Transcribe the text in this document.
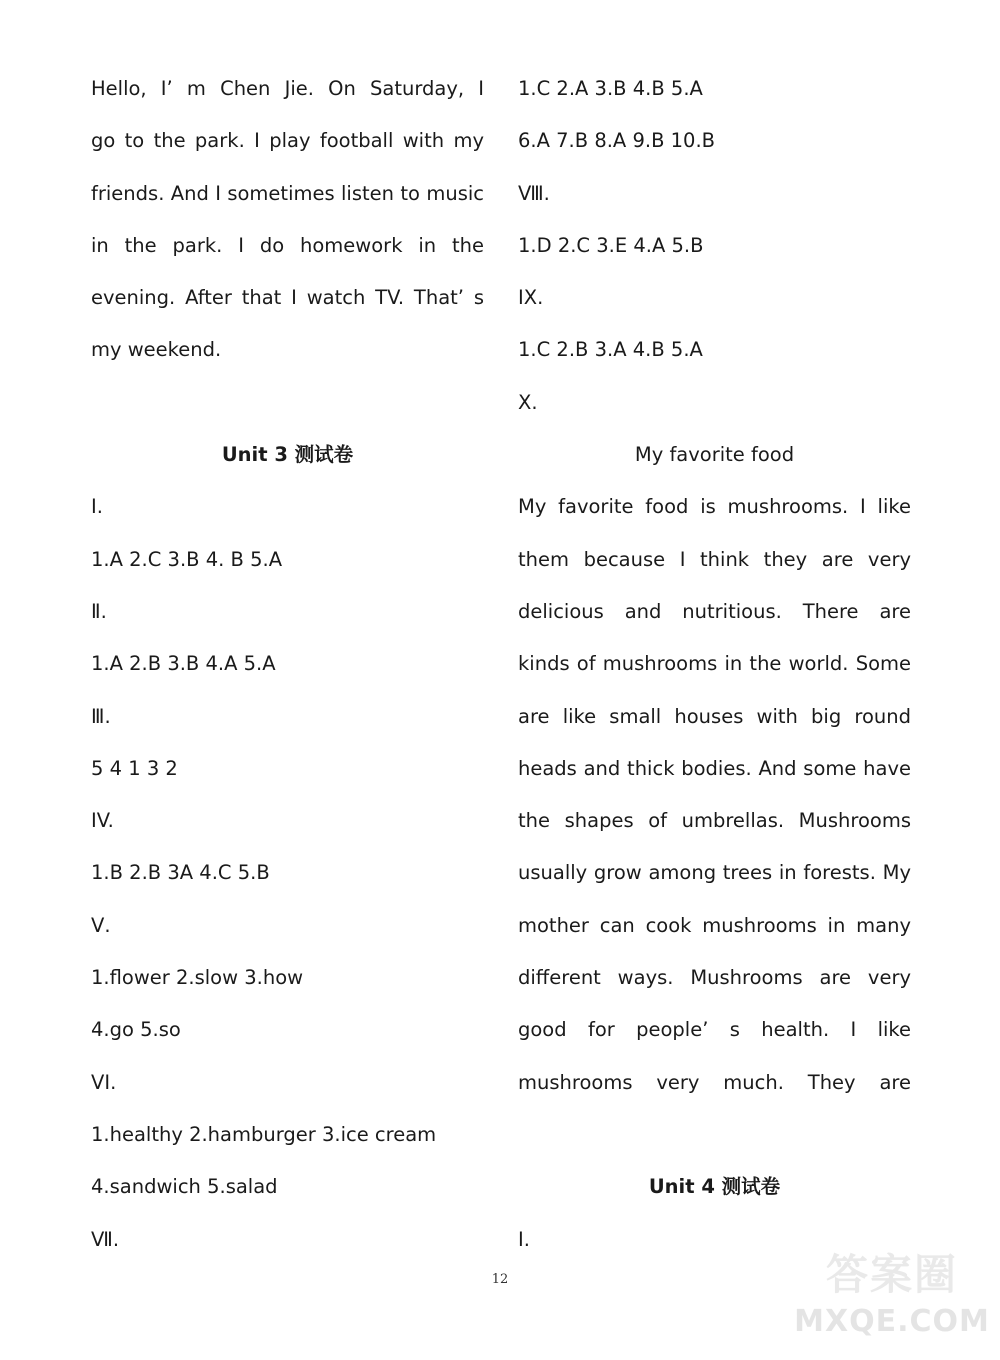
Hello, I’ m Chen Jie. On Saturday, I
go to the park. I play football with my
friends. And I sometimes listen to music
in the park. I do homework in the
evening. After that I watch TV. That’ s
my weekend.
Unit 3 测试卷
Ⅰ.
1.A 2.C 3.B 4. B 5.A
Ⅱ.
1.A 2.B 3.B 4.A 5.A
Ⅲ.
5 4 1 3 2
IV.
1.B 2.B 3A 4.C 5.B
Ⅴ.
1.flower 2.slow 3.how
4.go 5.so
VI.
1.healthy 2.hamburger 3.ice cream
4.sandwich 5.salad
Ⅶ.
1.C 2.A 3.B 4.B 5.A
6.A 7.B 8.A 9.B 10.B
Ⅷ.
1.D 2.C 3.E 4.A 5.B
IX.
1.C 2.B 3.A 4.B 5.A
Ⅹ.
My favorite food
My favorite food is mushrooms. I like
them because I think they are very
delicious and nutritious. There are
kinds of mushrooms in the world. Some
are like small houses with big round
heads and thick bodies. And some have
the shapes of umbrellas. Mushrooms
usually grow among trees in forests. My
mother can cook mushrooms in many
different ways. Mushrooms are very
good for people’ s health. I like
mushrooms very much. They are
Unit 4 测试卷
Ⅰ.
12	答案圈
MXQE.COM
